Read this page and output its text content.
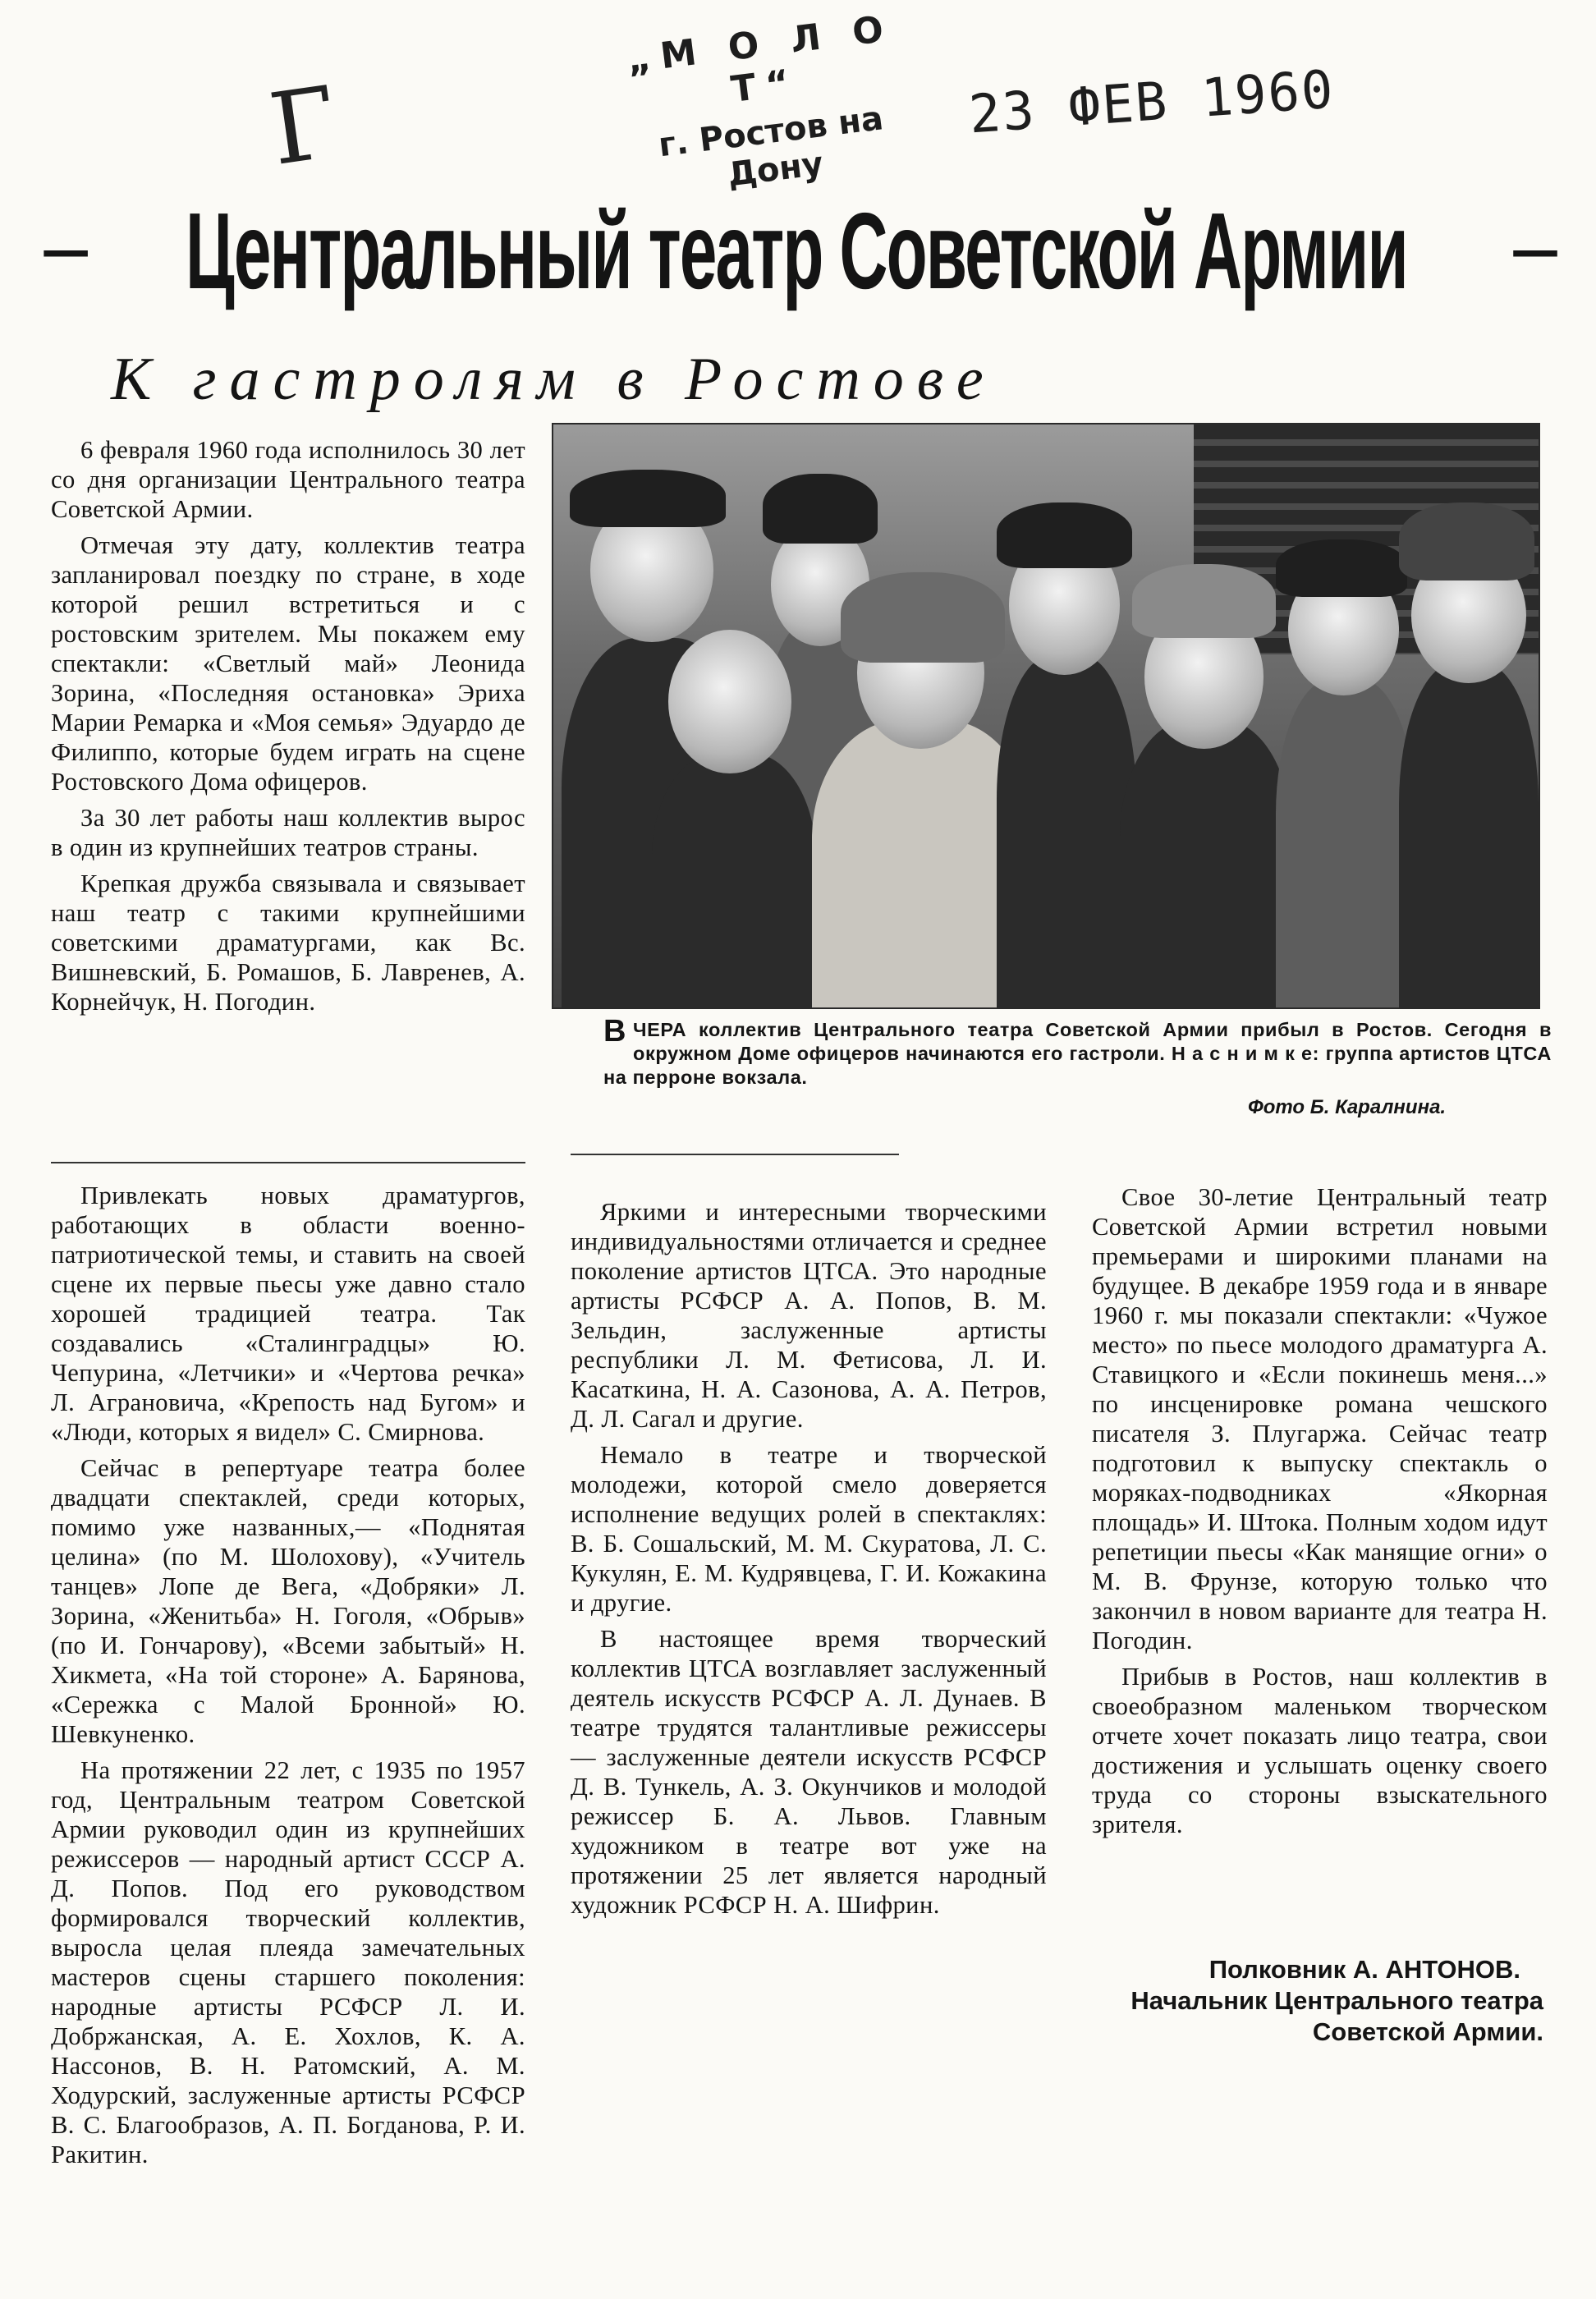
Г
„М О Л О Т“
г. Ростов на Дону
23 ФЕВ 1960
— Центральный театр Советской Армии —
К гастролям в Ростове

6 февраля 1960 года исполнилось 30 лет со дня организации Центрального театра Советской Армии.

Отмечая эту дату, коллектив театра запланировал поездку по стране, в ходе которой решил встретиться и с ростовским зрителем. Мы покажем ему спектакли: «Светлый май» Леонида Зорина, «Последняя остановка» Эриха Марии Ремарка и «Моя семья» Эдуардо де Филиппо, которые будем играть на сцене Ростовского Дома офицеров.

За 30 лет работы наш коллектив вырос в один из крупнейших театров страны.

Крепкая дружба связывала и связывает наш театр с такими крупнейшими советскими драматургами, как Вс. Вишневский, Б. Ромашов, Б. Лавренев, А. Корнейчук, Н. Погодин.

ВЧЕРА коллектив Центрального театра Советской Армии прибыл в Ростов. Сегодня в окружном Доме офицеров начинаются его гастроли. Н а с н и м к е: группа артистов ЦТСА на перроне вокзала.
Фото Б. Каралнина.

Привлекать новых драматургов, работающих в области военно-патриотической темы, и ставить на своей сцене их первые пьесы уже давно стало хорошей традицией театра. Так создавались «Сталинградцы» Ю. Чепурина, «Летчики» и «Чертова речка» Л. Аграновича, «Крепость над Бугом» и «Люди, которых я видел» С. Смирнова.

Сейчас в репертуаре театра более двадцати спектаклей, среди которых, помимо уже названных,— «Поднятая целина» (по М. Шолохову), «Учитель танцев» Лопе де Вега, «Добряки» Л. Зорина, «Женитьба» Н. Гоголя, «Обрыв» (по И. Гончарову), «Всеми забытый» Н. Хикмета, «На той стороне» А. Барянова, «Сережка с Малой Бронной» Ю. Шевкуненко.

На протяжении 22 лет, с 1935 по 1957 год, Центральным театром Советской Армии руководил один из крупнейших режиссеров — народный артист СССР А. Д. Попов. Под его руководством формировался творческий коллектив, выросла целая плеяда замечательных мастеров сцены старшего поколения: народные артисты РСФСР Л. И. Добржанская, А. Е. Хохлов, К. А. Нассонов, В. Н. Ратомский, А. М. Ходурский, заслуженные артисты РСФСР В. С. Благообразов, А. П. Богданова, Р. И. Ракитин.

Яркими и интересными творческими индивидуальностями отличается и среднее поколение артистов ЦТСА. Это народные артисты РСФСР А. А. Попов, В. М. Зельдин, заслуженные артисты республики Л. М. Фетисова, Л. И. Касаткина, Н. А. Сазонова, А. А. Петров, Д. Л. Сагал и другие.

Немало в театре и творческой молодежи, которой смело доверяется исполнение ведущих ролей в спектаклях: В. Б. Сошальский, М. М. Скуратова, Л. С. Кукулян, Е. М. Кудрявцева, Г. И. Кожакина и другие.

В настоящее время творческий коллектив ЦТСА возглавляет заслуженный деятель искусств РСФСР А. Л. Дунаев. В театре трудятся талантливые режиссеры — заслуженные деятели искусств РСФСР Д. В. Тункель, А. З. Окунчиков и молодой режиссер Б. А. Львов. Главным художником в театре вот уже на протяжении 25 лет является народный художник РСФСР Н. А. Шифрин.

Свое 30-летие Центральный театр Советской Армии встретил новыми премьерами и широкими планами на будущее. В декабре 1959 года и в январе 1960 г. мы показали спектакли: «Чужое место» по пьесе молодого драматурга А. Ставицкого и «Если покинешь меня...» по инсценировке романа чешского писателя З. Плугаржа. Сейчас театр подготовил к выпуску спектакль о моряках-подводниках «Якорная площадь» И. Штока. Полным ходом идут репетиции пьесы «Как манящие огни» о М. В. Фрунзе, которую только что закончил в новом варианте для театра Н. Погодин.

Прибыв в Ростов, наш коллектив в своеобразном маленьком творческом отчете хочет показать лицо театра, свои достижения и услышать оценку своего труда со стороны взыскательного зрителя.

Полковник А. АНТОНОВ.
Начальник Центрального театра
Советской Армии.
